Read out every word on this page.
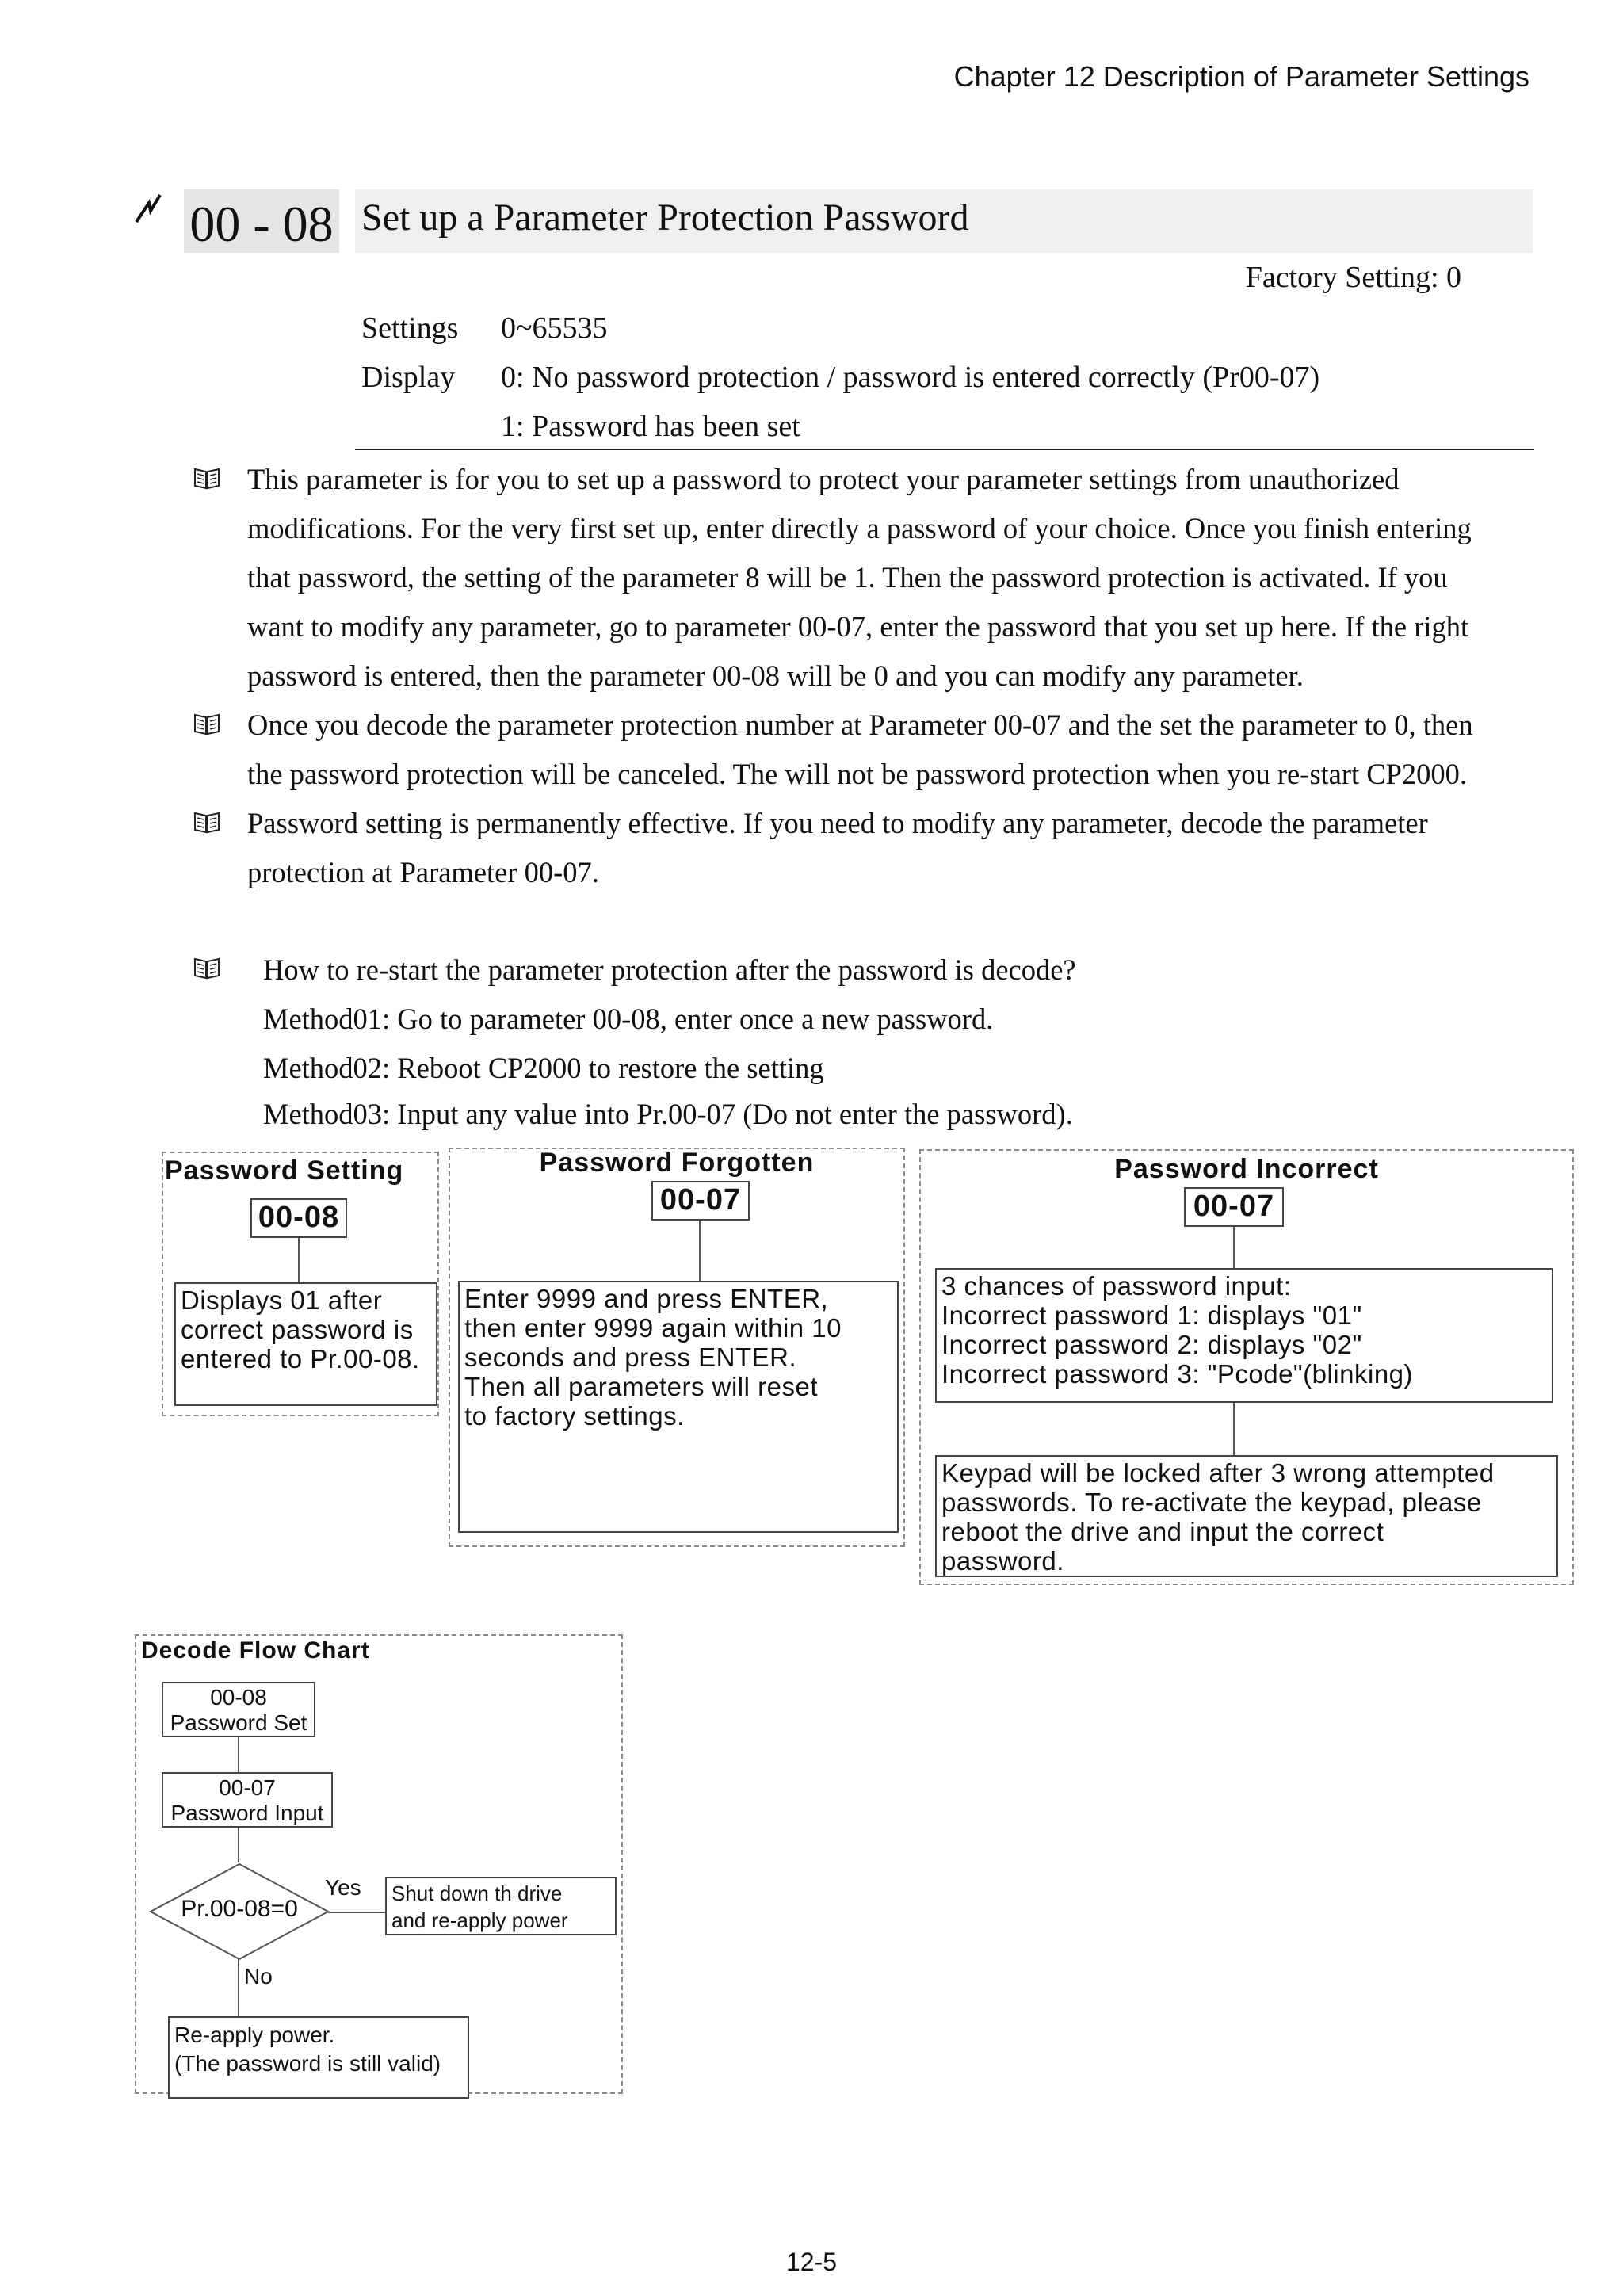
Chapter 12 Description of Parameter Settings
00 - 08 Set up a Parameter Protection Password
Factory Setting: 0
Settings 0~65535
Display 0: No password protection / password is entered correctly (Pr00-07)
1: Password has been set
This parameter is for you to set up a password to protect your parameter settings from unauthorized
modifications. For the very first set up, enter directly a password of your choice. Once you finish entering
that password, the setting of the parameter 8 will be 1. Then the password protection is activated. If you
want to modify any parameter, go to parameter 00-07, enter the password that you set up here. If the right
password is entered, then the parameter 00-08 will be 0 and you can modify any parameter.
Once you decode the parameter protection number at Parameter 00-07 and the set the parameter to 0, then
the password protection will be canceled. The will not be password protection when you re-start CP2000.
Password setting is permanently effective. If you need to modify any parameter, decode the parameter
protection at Parameter 00-07.
How to re-start the parameter protection after the password is decode?
Method01: Go to parameter 00-08, enter once a new password.
Method02: Reboot CP2000 to restore the setting
Method03: Input any value into Pr.00-07 (Do not enter the password).
Password Setting
00-08
Displays 01 after
correct password is
entered to Pr.00-08.
Password Forgotten
00-07
Enter 9999 and press ENTER,
then enter 9999 again within 10
seconds and press ENTER.
Then all parameters will reset
to factory settings.
Password Incorrect
00-07
3 chances of password input:
Incorrect password 1: displays "01"
Incorrect password 2: displays "02"
Incorrect password 3: "Pcode"(blinking)
Keypad will be locked after 3 wrong attempted
passwords. To re-activate the keypad, please
reboot the drive and input the correct
password.
Decode Flow Chart
00-08
Password Set
00-07
Password Input
Pr.00-08=0
Yes Shut down th drive
and re-apply power
No
Re-apply power.
(The password is still valid)
12-5
